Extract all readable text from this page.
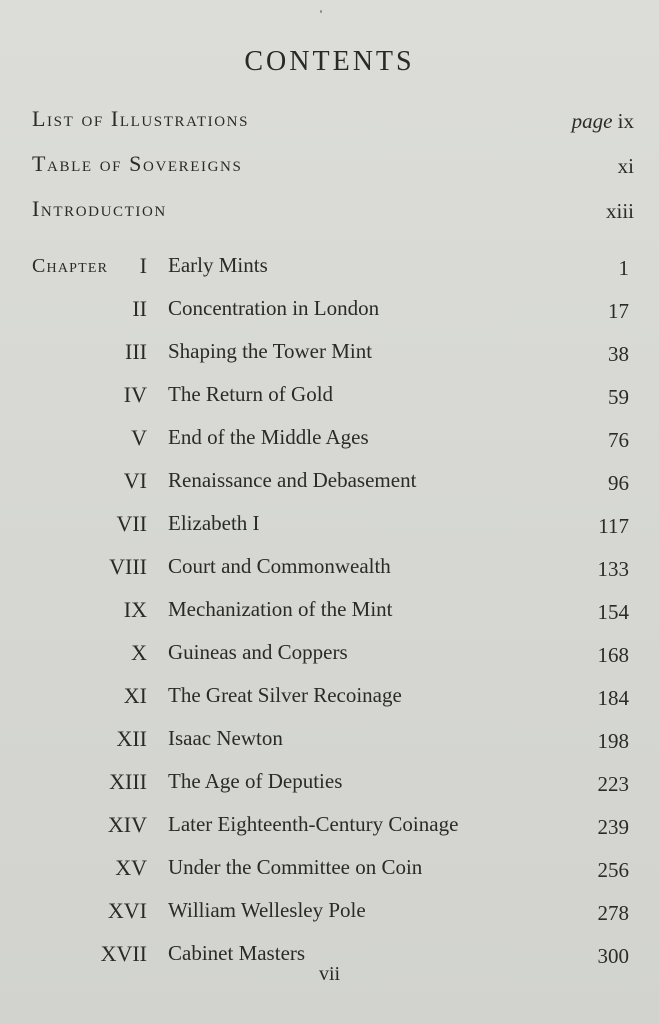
CONTENTS
List of Illustrations	page ix
Table of Sovereigns	xi
Introduction	xiii
Chapter I Early Mints	1
II Concentration in London	17
III Shaping the Tower Mint	38
IV The Return of Gold	59
V End of the Middle Ages	76
VI Renaissance and Debasement	96
VII Elizabeth I	117
VIII Court and Commonwealth	133
IX Mechanization of the Mint	154
X Guineas and Coppers	168
XI The Great Silver Recoinage	184
XII Isaac Newton	198
XIII The Age of Deputies	223
XIV Later Eighteenth-Century Coinage	239
XV Under the Committee on Coin	256
XVI William Wellesley Pole	278
XVII Cabinet Masters	300
vii
